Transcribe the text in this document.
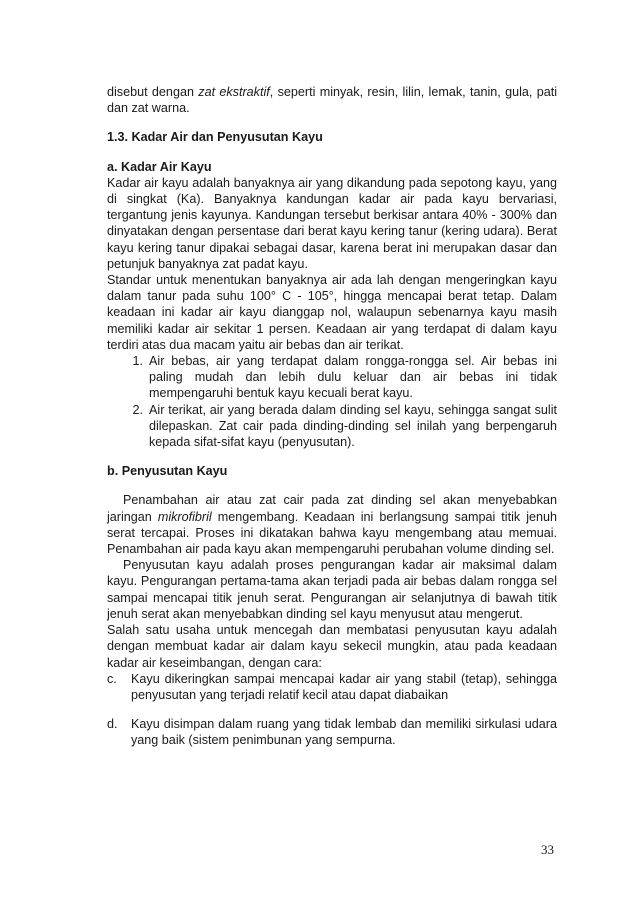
disebut dengan zat ekstraktif, seperti minyak, resin, lilin, lemak, tanin, gula, pati dan zat warna.

1.3. Kadar Air dan Penyusutan Kayu
a. Kadar Air Kayu

Kadar air kayu adalah banyaknya air yang dikandung pada sepotong kayu, yang di singkat (Ka). Banyaknya kandungan kadar air pada kayu bervariasi, tergantung jenis kayunya. Kandungan tersebut berkisar antara 40% - 300% dan dinyatakan dengan persentase dari berat kayu kering tanur (kering udara). Berat kayu kering tanur dipakai sebagai dasar, karena berat ini merupakan dasar dan petunjuk banyaknya zat padat kayu.

Standar untuk menentukan banyaknya air ada lah dengan mengeringkan kayu dalam tanur pada suhu 100° C - 105°, hingga mencapai berat tetap. Dalam keadaan ini kadar air kayu dianggap nol, walaupun sebenarnya kayu masih memiliki kadar air sekitar 1 persen. Keadaan air yang terdapat di dalam kayu terdiri atas dua macam yaitu air bebas dan air terikat.

1. Air bebas, air yang terdapat dalam rongga-rongga sel. Air bebas ini paling mudah dan lebih dulu keluar dan air bebas ini tidak mempengaruhi bentuk kayu kecuali berat kayu.
2. Air terikat, air yang berada dalam dinding sel kayu, sehingga sangat sulit dilepaskan. Zat cair pada dinding-dinding sel inilah yang berpengaruh kepada sifat-sifat kayu (penyusutan).
b. Penyusutan Kayu

Penambahan air atau zat cair pada zat dinding sel akan menyebabkan jaringan mikrofibril mengembang. Keadaan ini berlangsung sampai titik jenuh serat tercapai. Proses ini dikatakan bahwa kayu mengembang atau memuai. Penambahan air pada kayu akan mempengaruhi perubahan volume dinding sel.

Penyusutan kayu adalah proses pengurangan kadar air maksimal dalam kayu. Pengurangan pertama-tama akan terjadi pada air bebas dalam rongga sel sampai mencapai titik jenuh serat. Pengurangan air selanjutnya di bawah titik jenuh serat akan menyebabkan dinding sel kayu menyusut atau mengerut.

Salah satu usaha untuk mencegah dan membatasi penyusutan kayu adalah dengan membuat kadar air dalam kayu sekecil mungkin, atau pada keadaan kadar air keseimbangan, dengan cara:

c.	Kayu dikeringkan sampai mencapai kadar air yang stabil (tetap), sehingga penyusutan yang terjadi relatif kecil atau dapat diabaikan
d.	Kayu disimpan dalam ruang yang tidak lembab dan memiliki sirkulasi udara yang baik (sistem penimbunan yang sempurna.
33
